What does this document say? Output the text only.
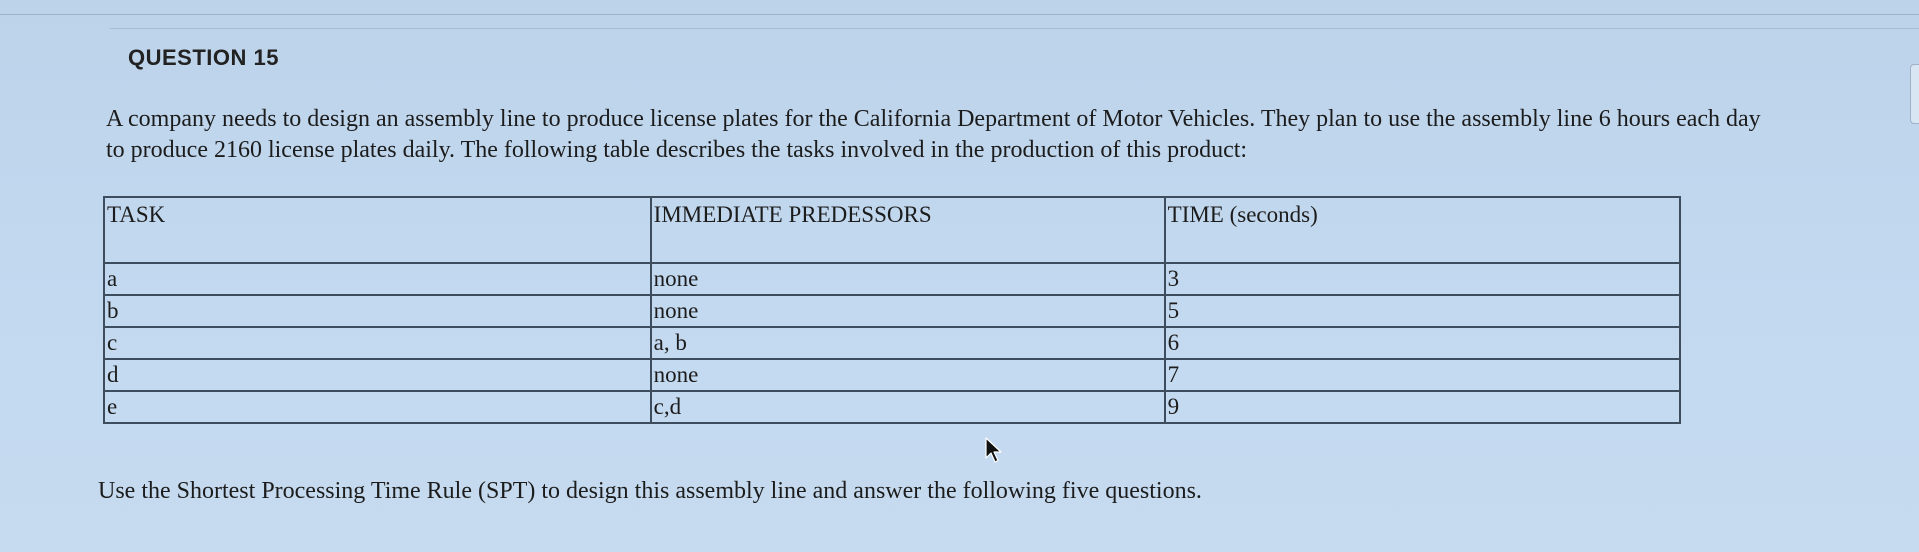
QUESTION 15
A company needs to design an assembly line to produce license plates for the California Department of Motor Vehicles. They plan to use the assembly line 6 hours each day to produce 2160 license plates daily. The following table describes the tasks involved in the production of this product:
TASK	IMMEDIATE PREDESSORS	TIME (seconds)
a	none	3
b	none	5
c	a, b	6
d	none	7
e	c,d	9
Use the Shortest Processing Time Rule (SPT) to design this assembly line and answer the following five questions.
